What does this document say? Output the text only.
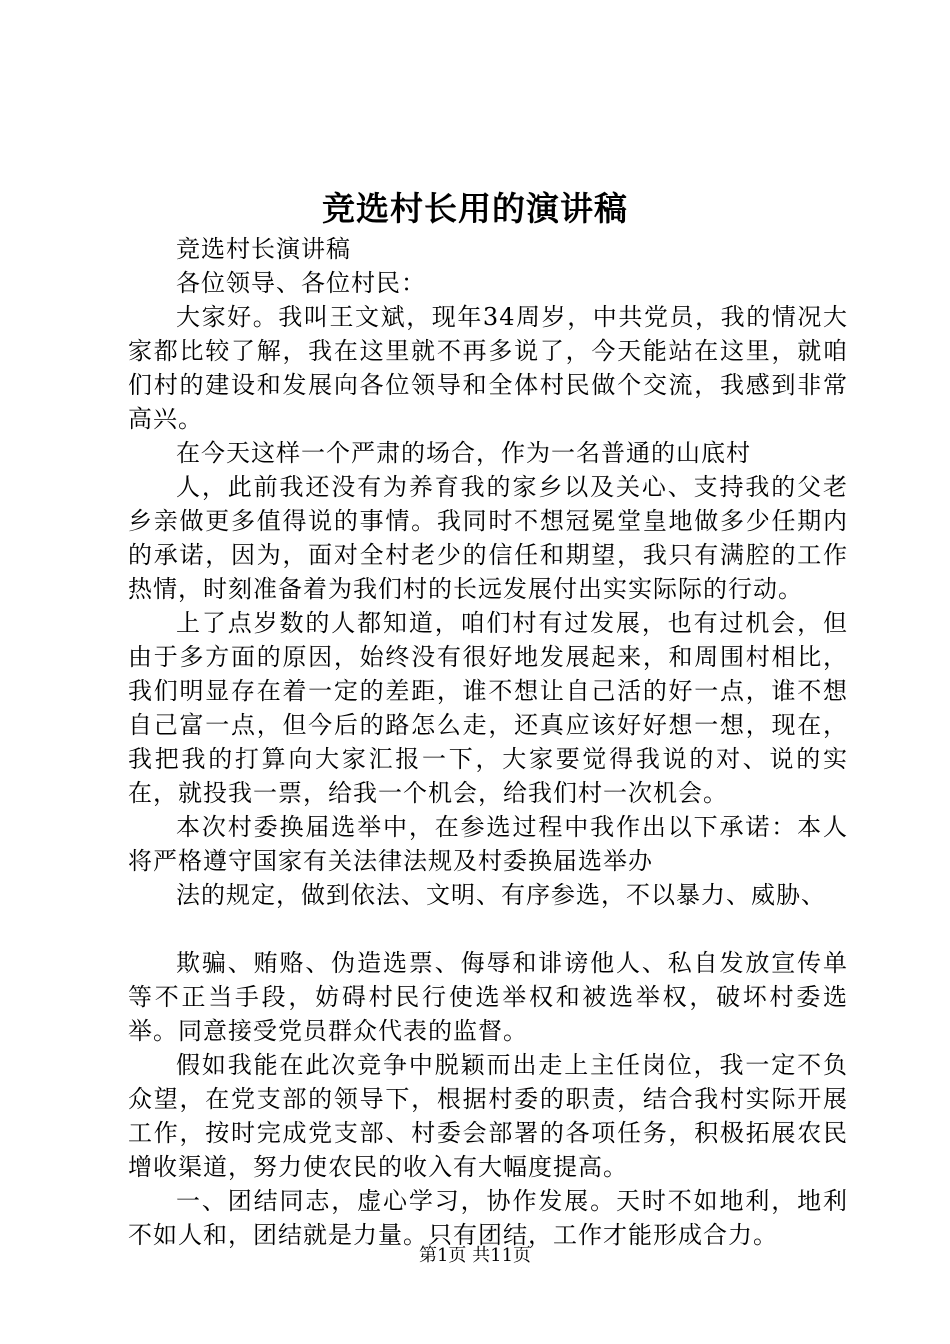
竞选村长用的演讲稿

竞选村长演讲稿

各位领导、各位村民：

大家好。我叫王文斌，现年34周岁，中共党员，我的情况大家都比较了解，我在这里就不再多说了，今天能站在这里，就咱们村的建设和发展向各位领导和全体村民做个交流，我感到非常高兴。

在今天这样一个严肃的场合，作为一名普通的山底村

人，此前我还没有为养育我的家乡以及关心、支持我的父老乡亲做更多值得说的事情。我同时不想冠冕堂皇地做多少任期内的承诺，因为，面对全村老少的信任和期望，我只有满腔的工作热情，时刻准备着为我们村的长远发展付出实实际际的行动。

上了点岁数的人都知道，咱们村有过发展，也有过机会，但由于多方面的原因，始终没有很好地发展起来，和周围村相比，我们明显存在着一定的差距，谁不想让自己活的好一点，谁不想自己富一点，但今后的路怎么走，还真应该好好想一想，现在，我把我的打算向大家汇报一下，大家要觉得我说的对、说的实在，就投我一票，给我一个机会，给我们村一次机会。

本次村委换届选举中，在参选过程中我作出以下承诺：本人将严格遵守国家有关法律法规及村委换届选举办

法的规定，做到依法、文明、有序参选，不以暴力、威胁、

欺骗、贿赂、伪造选票、侮辱和诽谤他人、私自发放宣传单等不正当手段，妨碍村民行使选举权和被选举权，破坏村委选举。同意接受党员群众代表的监督。

假如我能在此次竞争中脱颖而出走上主任岗位，我一定不负众望，在党支部的领导下，根据村委的职责，结合我村实际开展工作，按时完成党支部、村委会部署的各项任务，积极拓展农民增收渠道，努力使农民的收入有大幅度提高。

一、团结同志，虚心学习，协作发展。天时不如地利，地利不如人和，团结就是力量。只有团结，工作才能形成合力。

第1页 共11页
